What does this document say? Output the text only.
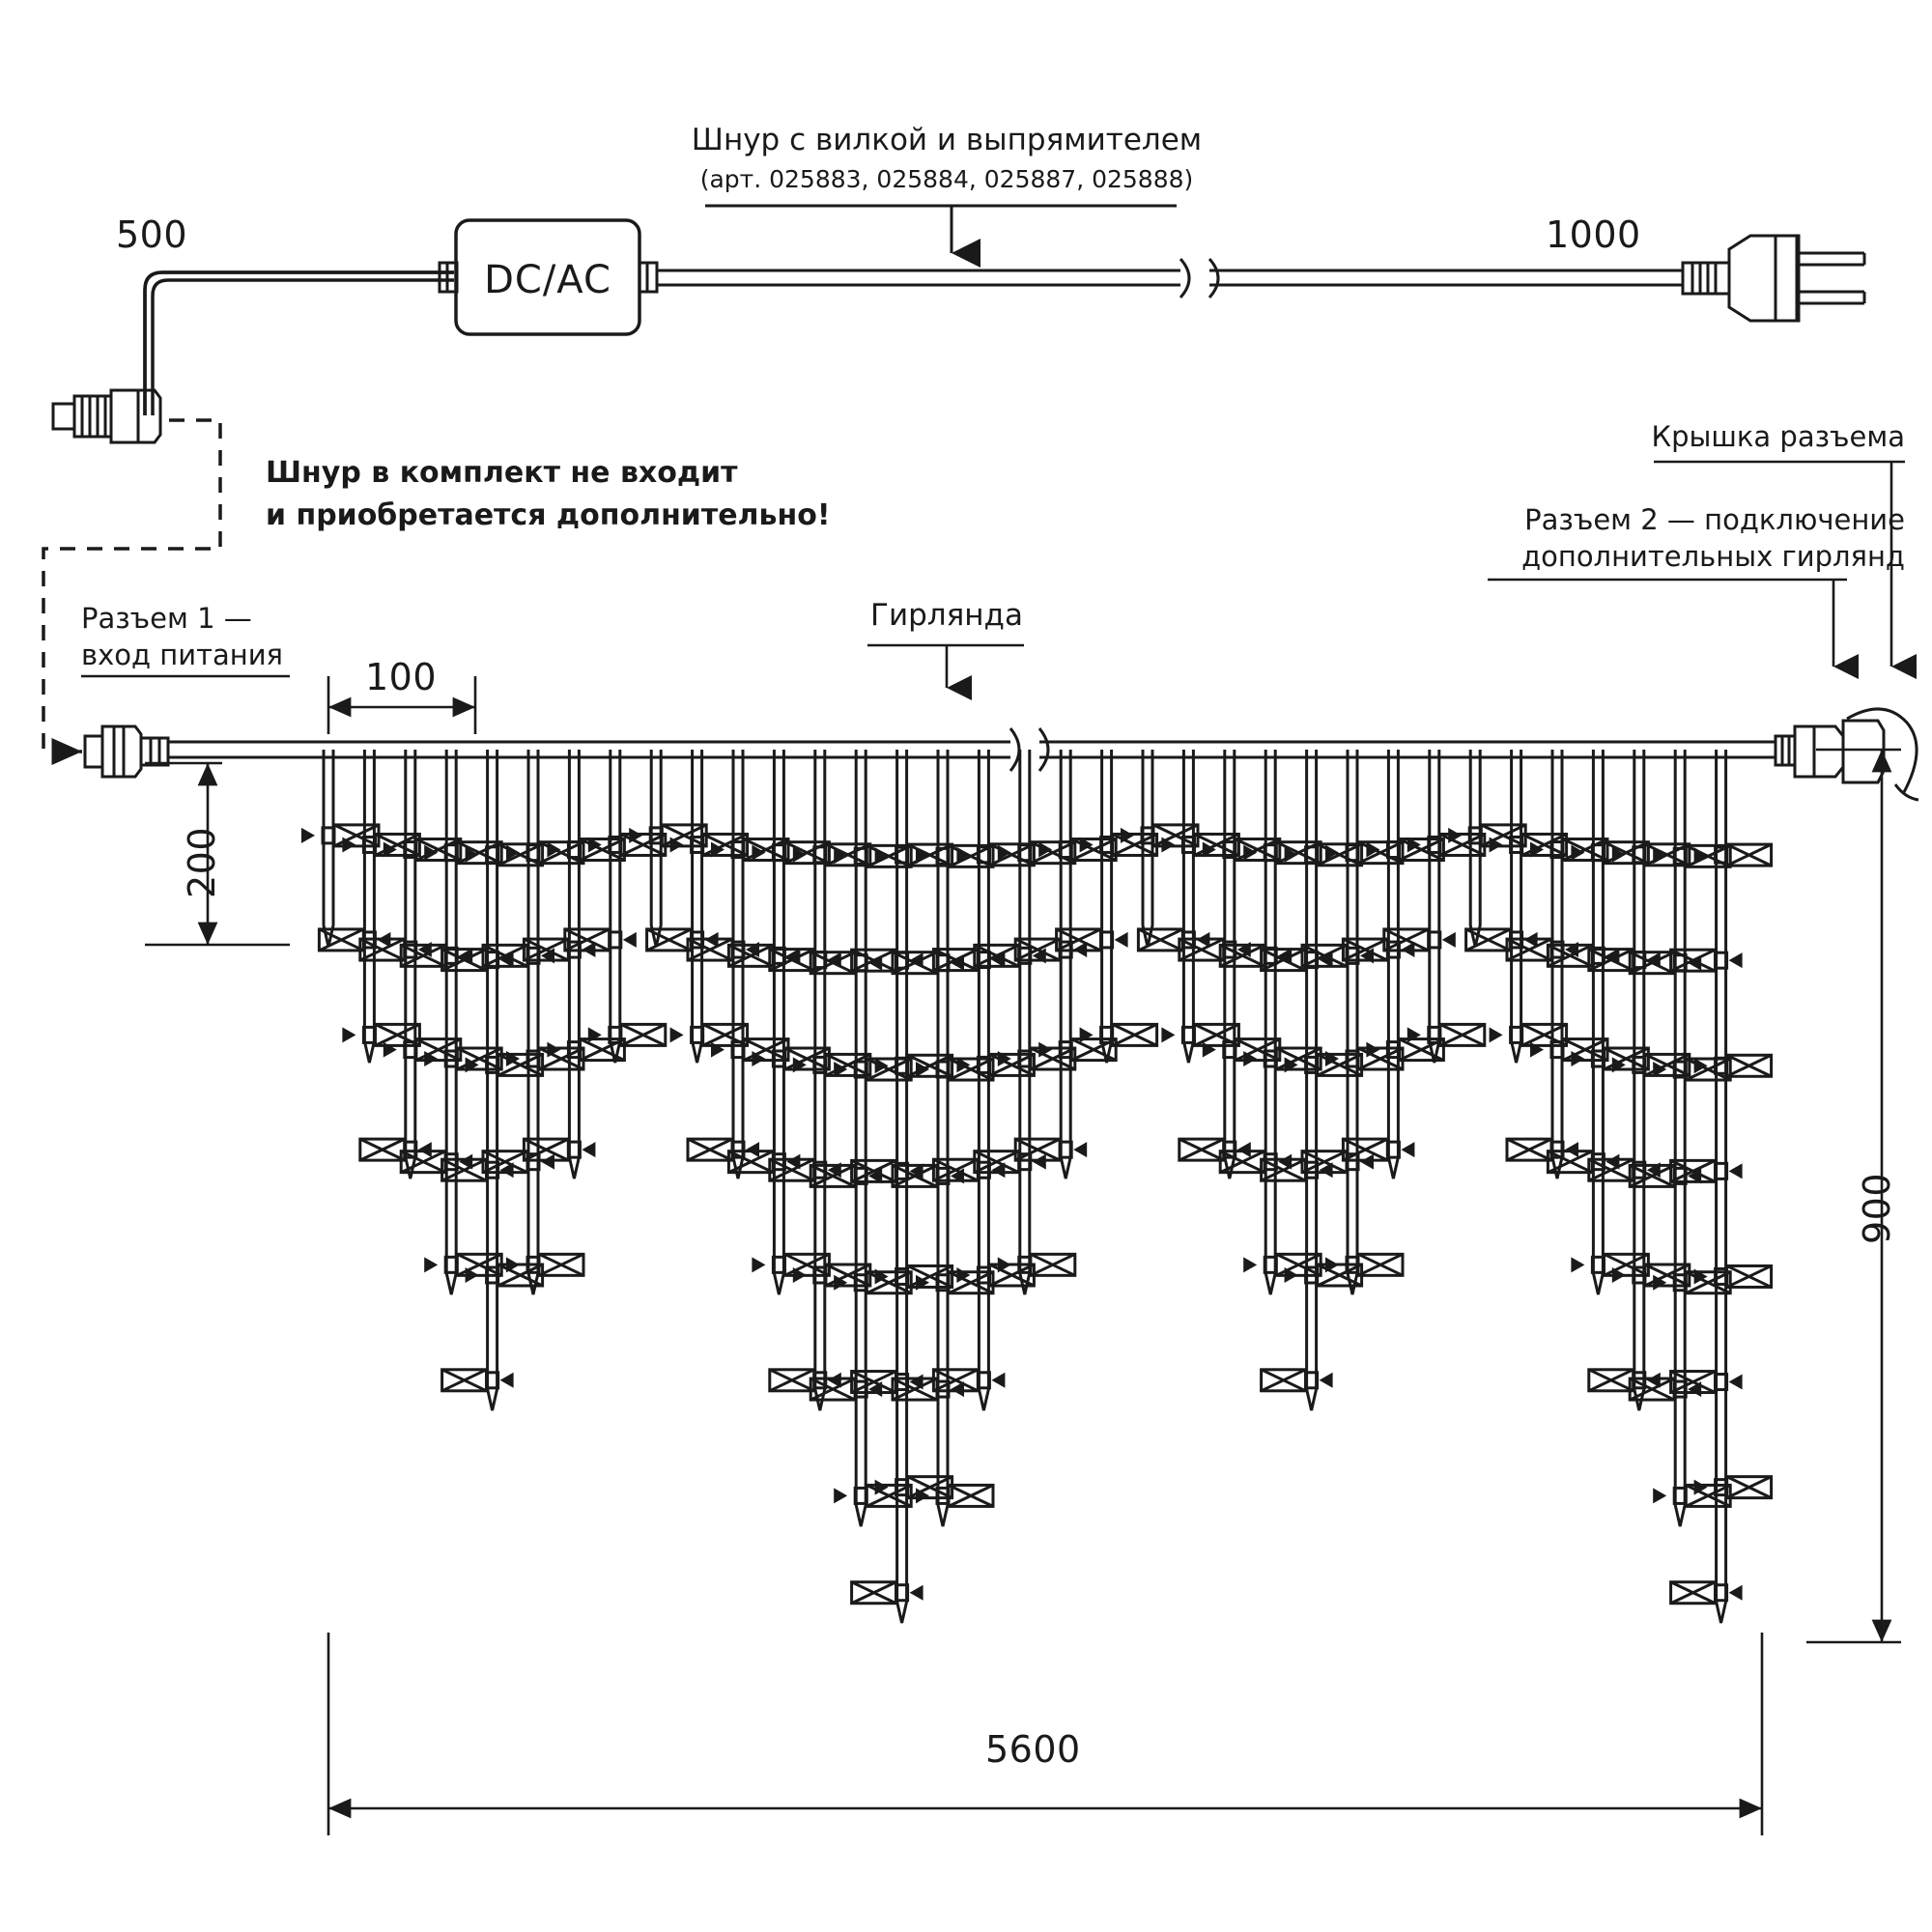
Шнур с вилкой и выпрямителем
(арт. 025883, 025884, 025887, 025888)
DC/AC
500	1000
Шнур в комплект не входит
и приобретается дополнительно!
Разъем 1 —
вход питания
Гирлянда
Крышка разъема
Разъем 2 — подключение
дополнительных гирлянд
100
200
900
5600
